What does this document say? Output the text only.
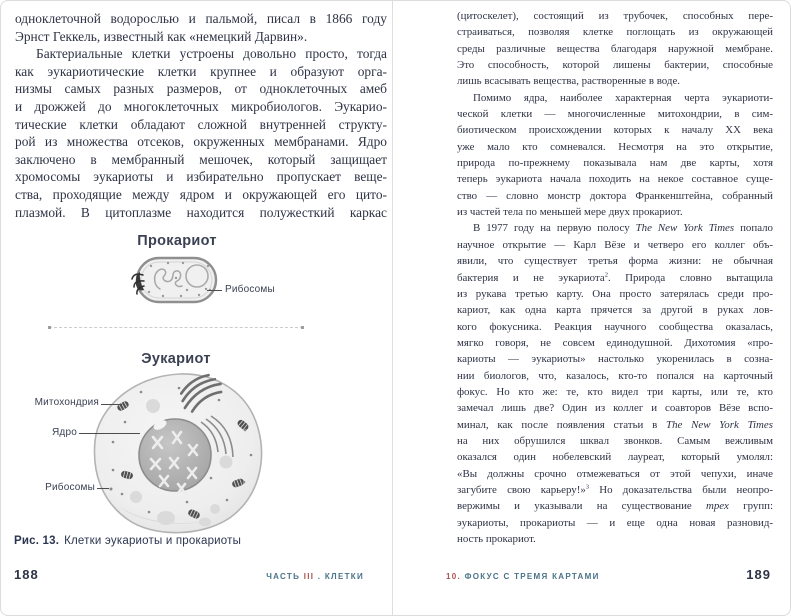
одноклеточной водорослью и пальмой, писал в 1866 году
Эрнст Геккель, известный как «немецкий Дарвин».
Бактериальные клетки устроены довольно просто, тогда
как эукариотические клетки крупнее и образуют орга-
низмы самых разных размеров, от одноклеточных амеб
и дрожжей до многоклеточных микробиологов. Эукарио-
тические клетки обладают сложной внутренней структу-
рой из множества отсеков, окруженных мембранами. Ядро
заключено в мембранный мешочек, который защищает
хромосомы эукариоты и избирательно пропускает веще-
ства, проходящие между ядром и окружающей его цито-
плазмой. В цитоплазме находится полужесткий каркас
Прокариот
Рибосомы
Эукариот
Митохондрия
Ядро
Рибосомы
Рис. 13. Клетки эукариоты и прокариоты
188	ЧАСТЬ III . КЛЕТКИ
(цитоскелет), состоящий из трубочек, способных пере-
страиваться, позволяя клетке поглощать из окружающей
среды различные вещества благодаря наружной мембране.
Это способность, которой лишены бактерии, способные
лишь всасывать вещества, растворенные в воде.
Помимо ядра, наиболее характерная черта эукариоти-
ческой клетки — многочисленные митохондрии, в сим-
биотическом происхождении которых к началу XX века
уже мало кто сомневался. Несмотря на это открытие,
природа по-прежнему показывала нам две карты, хотя
теперь эукариота начала походить на некое составное суще-
ство — словно монстр доктора Франкенштейна, собранный
из частей тела по меньшей мере двух прокариот.
В 1977 году на первую полосу The New York Times попало
научное открытие — Карл Вёзе и четверо его коллег объ-
явили, что существует третья форма жизни: не обычная
бактерия и не эукариота$^2$. Природа словно вытащила
из рукава третью карту. Она просто затерялась среди про-
кариот, как одна карта прячется за другой в руках лов-
кого фокусника. Реакция научного сообщества оказалась,
мягко говоря, не совсем единодушной. Дихотомия «про-
кариоты — эукариоты» настолько укоренилась в созна-
нии биологов, что, казалось, кто-то попался на карточный
фокус. Но кто же: те, кто видел три карты, или те, кто
замечал лишь две? Один из коллег и соавторов Вёзе вспо-
минал, как после появления статьи в The New York Times
на них обрушился шквал звонков. Самым вежливым
оказался один нобелевский лауреат, который умолял:
«Вы должны срочно отмежеваться от этой чепухи, иначе
загубите свою карьеру!»$^3$ Но доказательства были неопро-
вержимы и указывали на существование трех групп:
эукариоты, прокариоты — и еще одна новая разновид-
ность прокариот.
10. ФОКУС С ТРЕМЯ КАРТАМИ	189
